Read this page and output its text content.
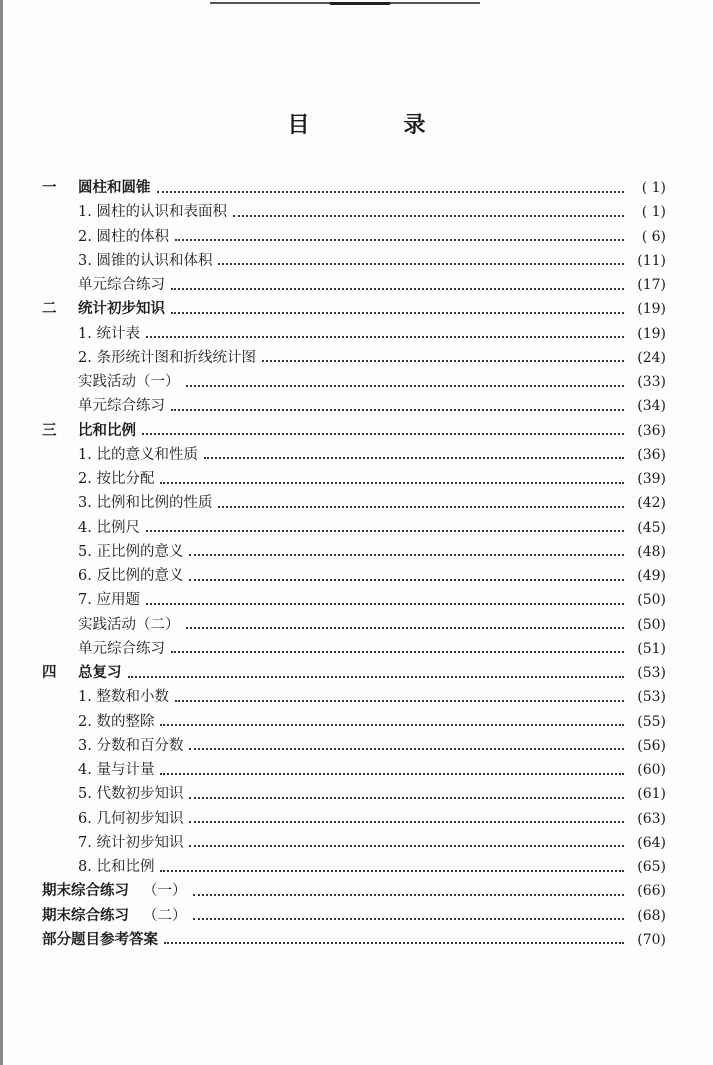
目　录
一	圆柱和圆锥	( 1)
1. 圆柱的认识和表面积	( 1)
2. 圆柱的体积	( 6)
3. 圆锥的认识和体积	(11)
单元综合练习	(17)
二	统计初步知识	(19)
1. 统计表	(19)
2. 条形统计图和折线统计图	(24)
实践活动（一）	(33)
单元综合练习	(34)
三	比和比例	(36)
1. 比的意义和性质	(36)
2. 按比分配	(39)
3. 比例和比例的性质	(42)
4. 比例尺	(45)
5. 正比例的意义	(48)
6. 反比例的意义	(49)
7. 应用题	(50)
实践活动（二）	(50)
单元综合练习	(51)
四	总复习	(53)
1. 整数和小数	(53)
2. 数的整除	(55)
3. 分数和百分数	(56)
4. 量与计量	(60)
5. 代数初步知识	(61)
6. 几何初步知识	(63)
7. 统计初步知识	(64)
8. 比和比例	(65)
期末综合练习 （一）	(66)
期末综合练习 （二）	(68)
部分题目参考答案	(70)
